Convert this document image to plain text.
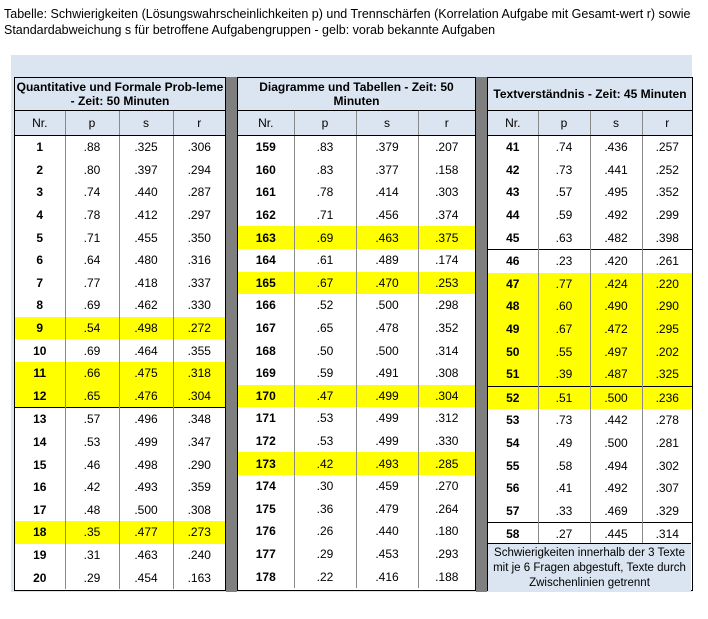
Tabelle: Schwierigkeiten (Lösungswahrscheinlichkeiten p) und Trennschärfen (Korrelation Aufgabe mit Gesamt-wert r) sowie Standardabweichung s für betroffene Aufgabengruppen - gelb: vorab bekannte Aufgaben
Quantitative und Formale Prob-leme - Zeit: 50 Minuten			
Nr.	p	s	r
1	.88	.325	.306
2	.80	.397	.294
3	.74	.440	.287
4	.78	.412	.297
5	.71	.455	.350
6	.64	.480	.316
7	.77	.418	.337
8	.69	.462	.330
9	.54	.498	.272
10	.69	.464	.355
11	.66	.475	.318
12	.65	.476	.304
13	.57	.496	.348
14	.53	.499	.347
15	.46	.498	.290
16	.42	.493	.359
17	.48	.500	.308
18	.35	.477	.273
19	.31	.463	.240
20	.29	.454	.163
Diagramme und Tabellen - Zeit: 50 Minuten			
Nr.	p	s	r
159	.83	.379	.207
160	.83	.377	.158
161	.78	.414	.303
162	.71	.456	.374
163	.69	.463	.375
164	.61	.489	.174
165	.67	.470	.253
166	.52	.500	.298
167	.65	.478	.352
168	.50	.500	.314
169	.59	.491	.308
170	.47	.499	.304
171	.53	.499	.312
172	.53	.499	.330
173	.42	.493	.285
174	.30	.459	.270
175	.36	.479	.264
176	.26	.440	.180
177	.29	.453	.293
178	.22	.416	.188
Textverständnis - Zeit: 45 Minuten			
Nr.	p	s	r
41	.74	.436	.257
42	.73	.441	.252
43	.57	.495	.352
44	.59	.492	.299
45	.63	.482	.398
46	.23	.420	.261
47	.77	.424	.220
48	.60	.490	.290
49	.67	.472	.295
50	.55	.497	.202
51	.39	.487	.325
52	.51	.500	.236
53	.73	.442	.278
54	.49	.500	.281
55	.58	.494	.302
56	.41	.492	.307
57	.33	.469	.329
58	.27	.445	.314
Schwierigkeiten innerhalb der 3 Texte mit je 6 Fragen abgestuft, Texte durch Zwischenlinien getrennt
